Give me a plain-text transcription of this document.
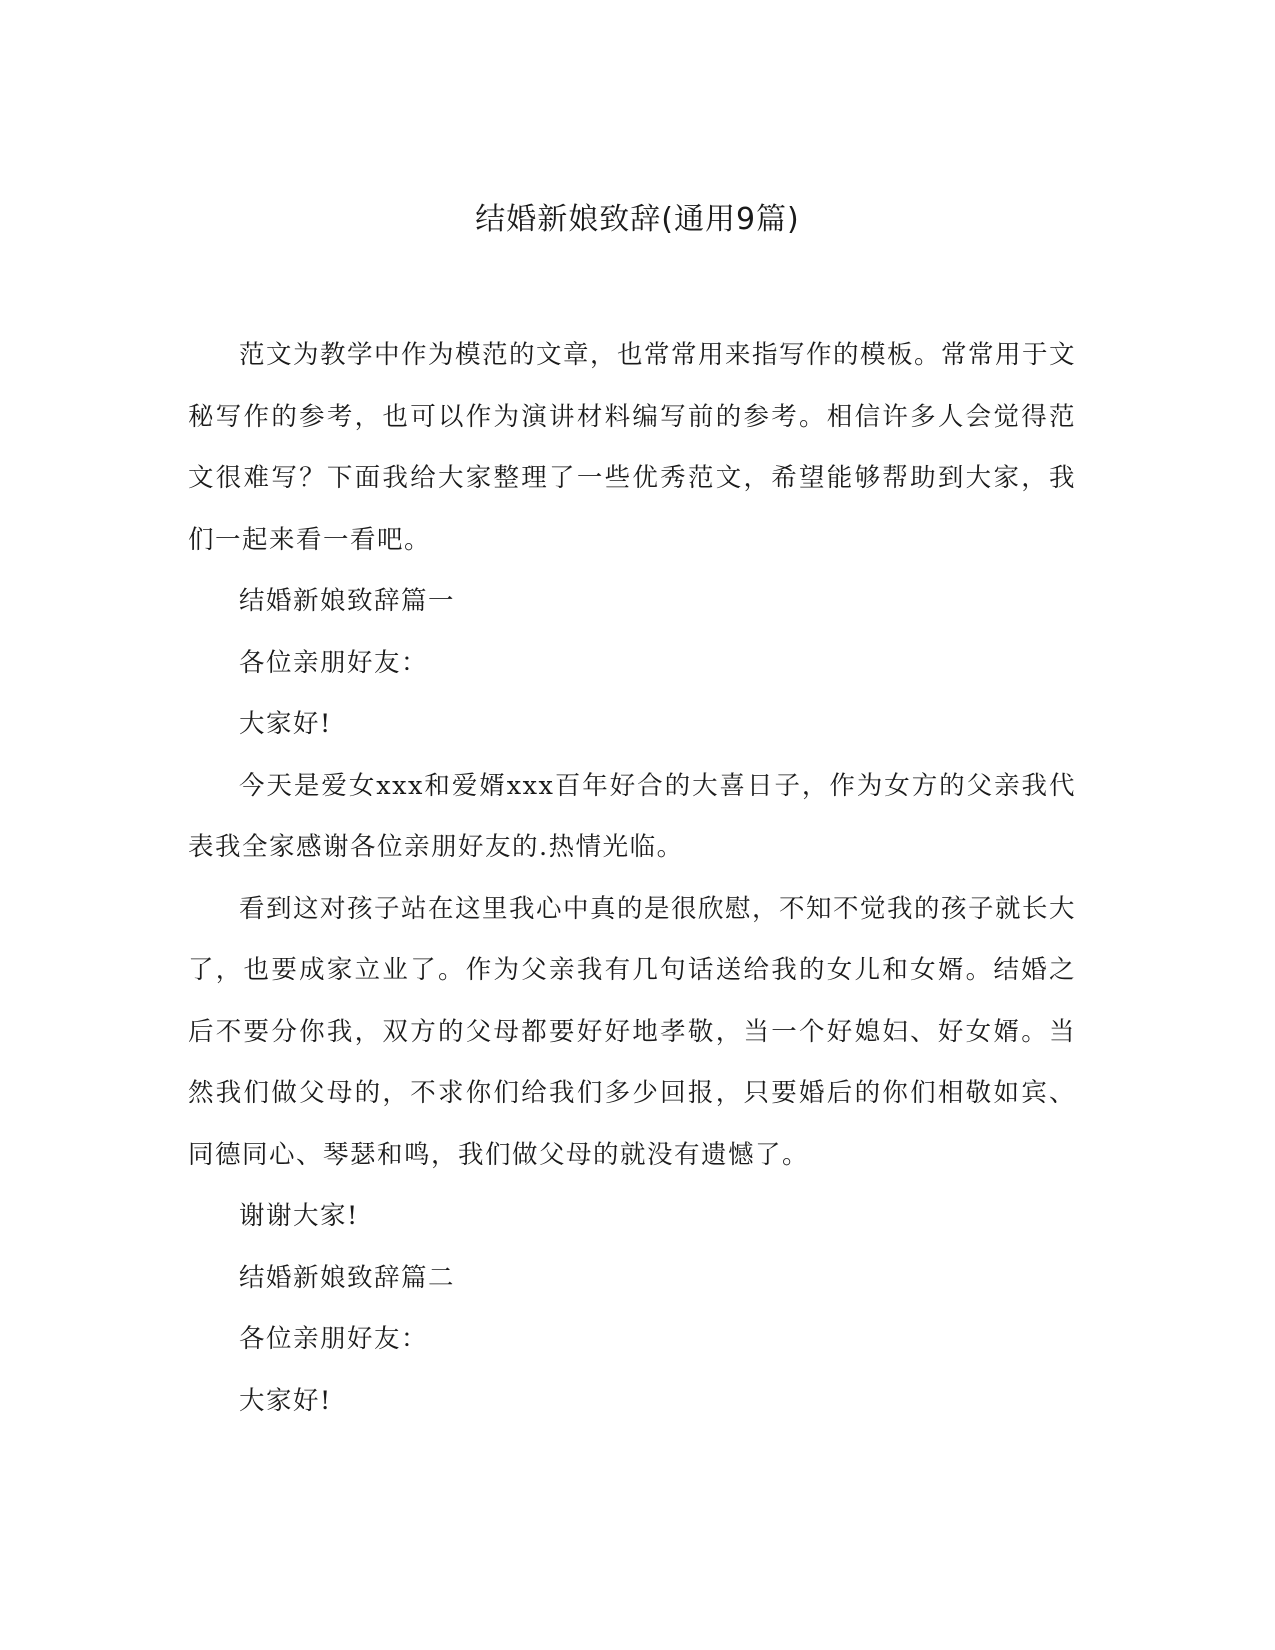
结婚新娘致辞(通用9篇)

范文为教学中作为模范的文章，也常常用来指写作的模板。常常用于文秘写作的参考，也可以作为演讲材料编写前的参考。相信许多人会觉得范文很难写？下面我给大家整理了一些优秀范文，希望能够帮助到大家，我们一起来看一看吧。

结婚新娘致辞篇一

各位亲朋好友：

大家好!

今天是爱女xxx和爱婿xxx百年好合的大喜日子，作为女方的父亲我代表我全家感谢各位亲朋好友的.热情光临。

看到这对孩子站在这里我心中真的是很欣慰，不知不觉我的孩子就长大了，也要成家立业了。作为父亲我有几句话送给我的女儿和女婿。结婚之后不要分你我，双方的父母都要好好地孝敬，当一个好媳妇、好女婿。当然我们做父母的，不求你们给我们多少回报，只要婚后的你们相敬如宾、同德同心、琴瑟和鸣，我们做父母的就没有遗憾了。

谢谢大家!

结婚新娘致辞篇二

各位亲朋好友：

大家好!
